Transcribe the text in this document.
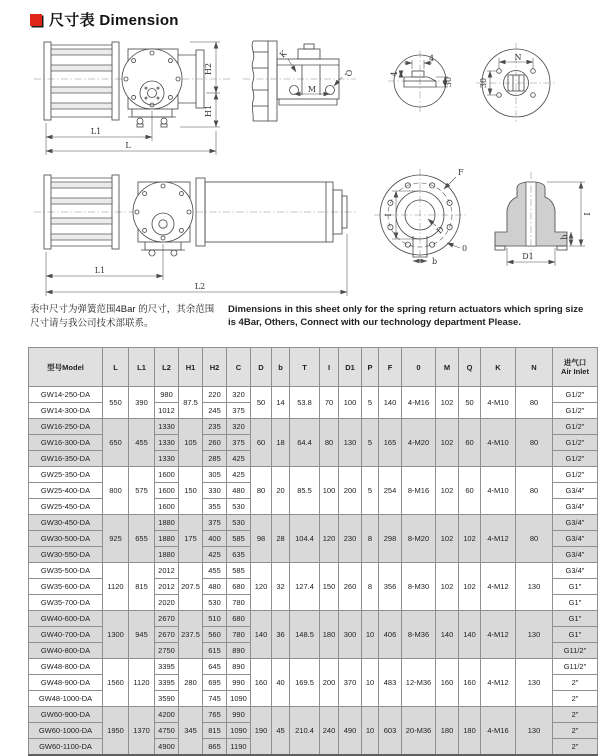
尺寸表 Dimension
H2
H1
L1
L
K
M
Q
4
4
30
N
30
L1
L2
F
D
I
0
b
D1
I
b
表中尺寸为弹簧范围4Bar 的尺寸，其余范围尺寸请与我公司技术部联系。
Dimensions in this sheet only for the spring return actuators which spring size is 4Bar, Others, Connect with our technology department Please.
型号Model	L	L1	L2	H1	H2	C	D	b	T	I	D1	P	F	0	M	Q	K	N	进气口
Air Inlet

GW14-250-DA	550	390	980	87.5	220	320	50	14	53.8	70	100	5	140	4-M16	102	50	4-M10	80	G1/2"
GW14-300-DA			1012		245	375													G1/2"
GW16-250-DA	650	455	1330	105	235	320	60	18	64.4	80	130	5	165	4-M20	102	60	4-M10	80	G1/2"
GW16-300-DA			1330		260	375													G1/2"
GW16-350-DA			1330		285	425													G1/2"
GW25-350-DA	800	575	1600	150	305	425	80	20	85.5	100	200	5	254	8-M16	102	60	4-M10	80	G1/2"
GW25-400-DA			1600		330	480													G3/4"
GW25-450-DA			1600		355	530													G3/4"
GW30-450-DA	925	655	1880	175	375	530	98	28	104.4	120	230	8	298	8-M20	102	102	4-M12	80	G3/4"
GW30-500-DA			1880		400	585													G3/4"
GW30-550-DA			1880		425	635													G3/4"
GW35-500-DA	1120	815	2012	207.5	455	585	120	32	127.4	150	260	8	356	8-M30	102	102	4-M12	130	G3/4"
GW35-600-DA			2012		480	680													G1"
GW35-700-DA			2020		530	780													G1"
GW40-600-DA	1300	945	2670	237.5	510	680	140	36	148.5	180	300	10	406	8-M36	140	140	4-M12	130	G1"
GW40-700-DA			2670		560	780													G1"
GW40-800-DA			2750		615	890													G11/2"
GW48-800-DA	1560	1120	3395	280	645	890	160	40	169.5	200	370	10	483	12-M36	160	160	4-M12	130	G11/2"
GW48-900-DA			3395		695	990													2"
GW48-1000-DA			3590		745	1090													2"
GW60-900-DA	1950	1370	4200	345	765	990	190	45	210.4	240	490	10	603	20-M36	180	180	4-M16	130	2"
GW60-1000-DA			4750		815	1090													2"
GW60-1100-DA			4900		865	1190													2"
